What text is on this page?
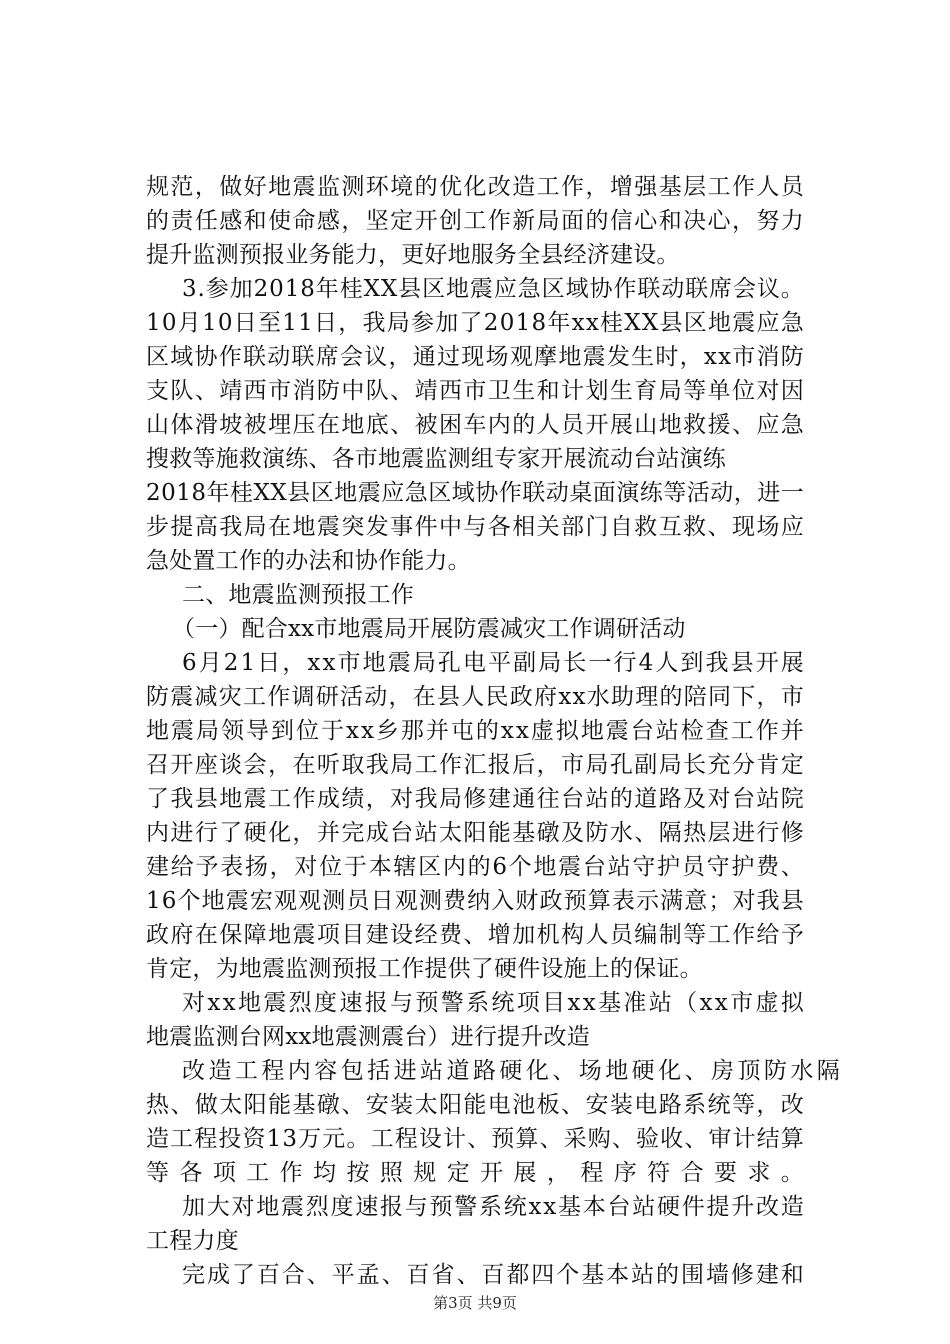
规范，做好地震监测环境的优化改造工作，增强基层工作人员
的责任感和使命感，坚定开创工作新局面的信心和决心，努力
提升监测预报业务能力，更好地服务全县经济建设。
3.参加2018年桂XX县区地震应急区域协作联动联席会议。
10月10日至11日，我局参加了2018年xx桂XX县区地震应急
区域协作联动联席会议，通过现场观摩地震发生时，xx市消防
支队、靖西市消防中队、靖西市卫生和计划生育局等单位对因
山体滑坡被埋压在地底、被困车内的人员开展山地救援、应急
搜救等施救演练、各市地震监测组专家开展流动台站演练
2018年桂XX县区地震应急区域协作联动桌面演练等活动，进一
步提高我局在地震突发事件中与各相关部门自救互救、现场应
急处置工作的办法和协作能力。
二、地震监测预报工作
（一）配合xx市地震局开展防震减灾工作调研活动
6月21日，xx市地震局孔电平副局长一行4人到我县开展
防震减灾工作调研活动，在县人民政府xx水助理的陪同下，市
地震局领导到位于xx乡那并屯的xx虚拟地震台站检查工作并
召开座谈会，在听取我局工作汇报后，市局孔副局长充分肯定
了我县地震工作成绩，对我局修建通往台站的道路及对台站院
内进行了硬化，并完成台站太阳能基礅及防水、隔热层进行修
建给予表扬，对位于本辖区内的6个地震台站守护员守护费、
16个地震宏观观测员日观测费纳入财政预算表示满意；对我县
政府在保障地震项目建设经费、增加机构人员编制等工作给予
肯定，为地震监测预报工作提供了硬件设施上的保证。
对xx地震烈度速报与预警系统项目xx基准站（xx市虚拟
地震监测台网xx地震测震台）进行提升改造
改造工程内容包括进站道路硬化、场地硬化、房顶防水隔
热、做太阳能基礅、安装太阳能电池板、安装电路系统等，改
造工程投资13万元。工程设计、预算、采购、验收、审计结算
等各项工作均按照规定开展，程序符合要求。
加大对地震烈度速报与预警系统xx基本台站硬件提升改造
工程力度
完成了百合、平孟、百省、百都四个基本站的围墙修建和
第3页 共9页
